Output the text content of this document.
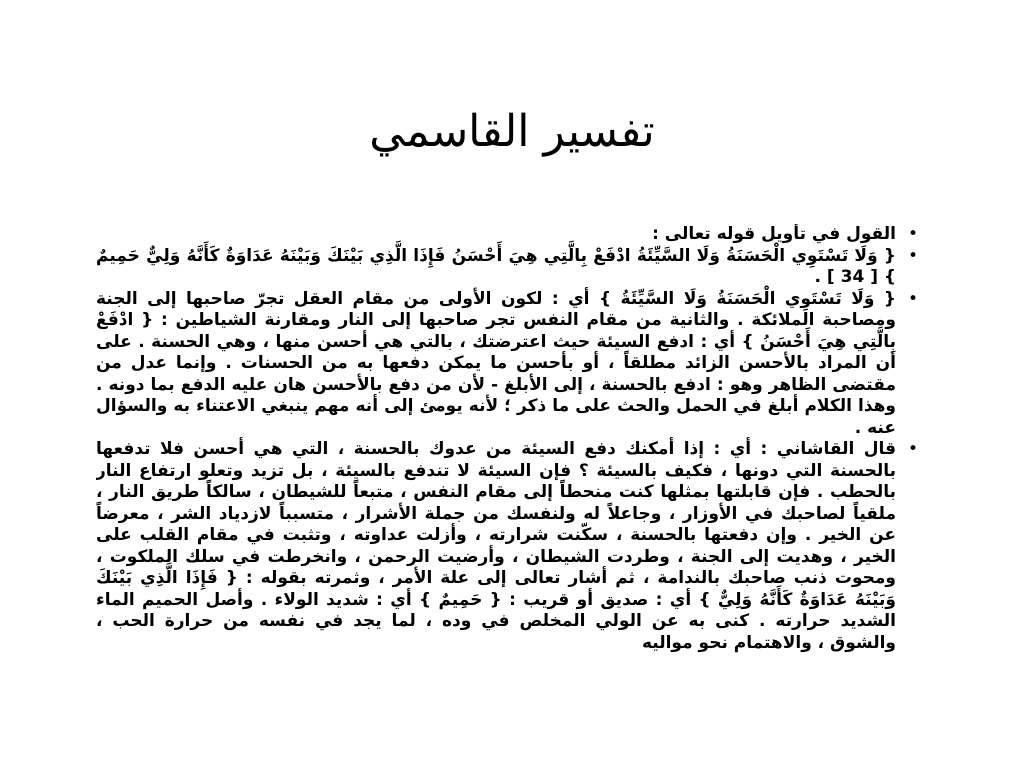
تفسير القاسمي
•
القول في تأويل قوله تعالى :
•
{ وَلَا تَسْتَوِي الْحَسَنَةُ وَلَا السَّيِّئَةُ ادْفَعْ بِالَّتِي هِيَ أَحْسَنُ فَإِذَا الَّذِي بَيْنَكَ وَبَيْنَهُ عَدَاوَةٌ كَأَنَّهُ وَلِيٌّ حَمِيمٌ } [ 34 ] .
•
{ وَلَا تَسْتَوِي الْحَسَنَةُ وَلَا السَّيِّئَةُ } أي : لكون الأولى من مقام العقل تجرّ صاحبها إلى الجنة ومصاحبة الملائكة . والثانية من مقام النفس تجر صاحبها إلى النار ومقارنة الشياطين : { ادْفَعْ بِالَّتِي هِيَ أَحْسَنُ } أي : ادفع السيئة حيث اعترضتك ، بالتي هي أحسن منها ، وهي الحسنة . على أن المراد بالأحسن الزائد مطلقاً ، أو بأحسن ما يمكن دفعها به من الحسنات . وإنما عدل من مقتضى الظاهر وهو : ادفع بالحسنة ، إلى الأبلغ - لأن من دفع بالأحسن هان عليه الدفع بما دونه . وهذا الكلام أبلغ في الحمل والحث على ما ذكر ؛ لأنه يومئ إلى أنه مهم ينبغي الاعتناء به والسؤال عنه .
•
قال القاشاني : أي : إذا أمكنك دفع السيئة من عدوك بالحسنة ، التي هي أحسن فلا تدفعها بالحسنة التي دونها ، فكيف بالسيئة ؟ فإن السيئة لا تندفع بالسيئة ، بل تزيد وتعلو ارتفاع النار بالحطب . فإن قابلتها بمثلها كنت منحطاً إلى مقام النفس ، متبعاً للشيطان ، سالكاً طريق النار ، ملقياً لصاحبك في الأوزار ، وجاعلاً له ولنفسك من جملة الأشرار ، متسبباً لازدياد الشر ، معرضاً عن الخير . وإن دفعتها بالحسنة ، سكّنت شرارته ، وأزلت عداوته ، وتثبت في مقام القلب على الخير ، وهديت إلى الجنة ، وطردت الشيطان ، وأرضيت الرحمن ، وانخرطت في سلك الملكوت ، ومحوت ذنب صاحبك بالندامة ، ثم أشار تعالى إلى علة الأمر ، وثمرته بقوله : { فَإِذَا الَّذِي بَيْنَكَ وَبَيْنَهُ عَدَاوَةٌ كَأَنَّهُ وَلِيٌّ } أي : صديق أو قريب : { حَمِيمٌ } أي : شديد الولاء . وأصل الحميم الماء الشديد حرارته . كنى به عن الولي المخلص في وده ، لما يجد في نفسه من حرارة الحب ، والشوق ، والاهتمام نحو مواليه
